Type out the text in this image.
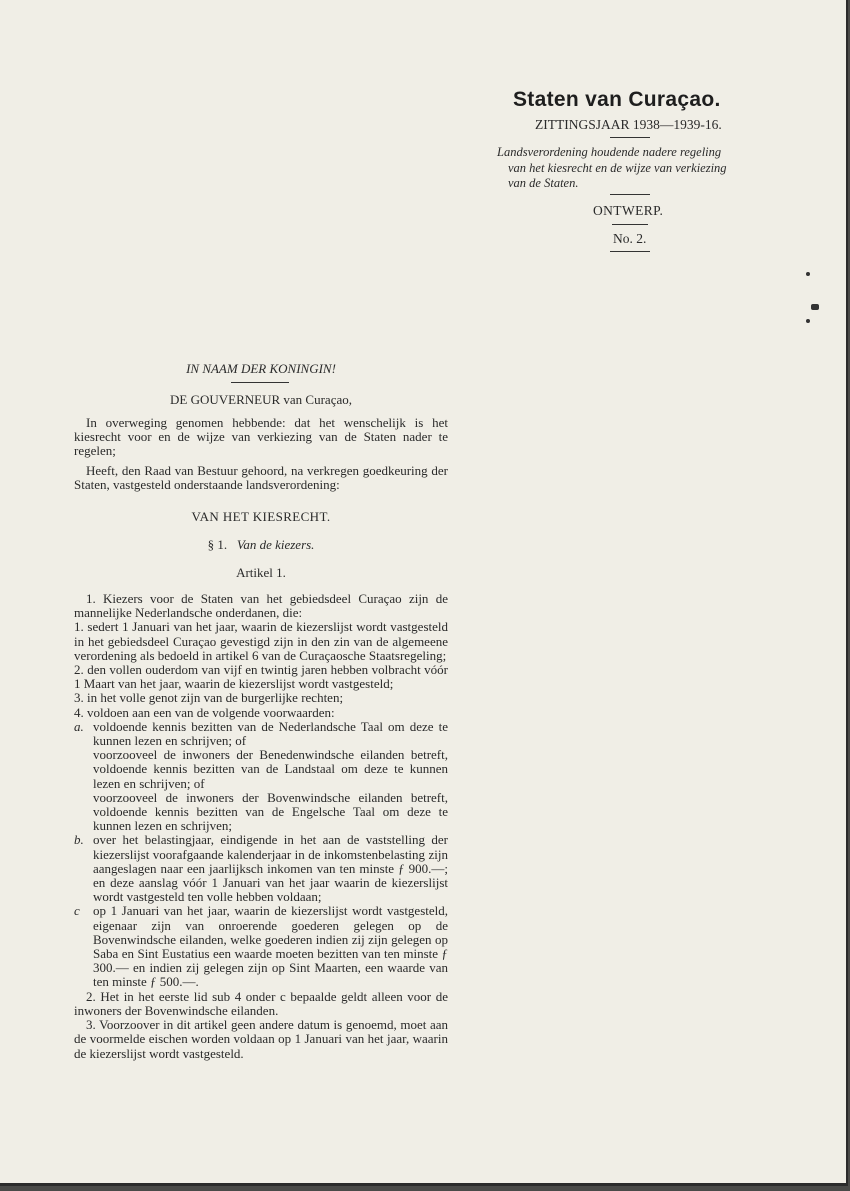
Staten van Curaçao.
ZITTINGSJAAR 1938—1939-16.
Landsverordening houdende nadere regeling
van het kiesrecht en de wijze van verkiezing
van de Staten.
ONTWERP.
No. 2.
IN NAAM DER KONINGIN!
DE GOUVERNEUR van Curaçao,
In overweging genomen hebbende: dat het wenschelijk is het kiesrecht voor en de wijze van verkiezing van de Staten nader te regelen;
Heeft, den Raad van Bestuur gehoord, na verkregen goedkeuring der Staten, vastgesteld onderstaande landsverordening:
VAN HET KIESRECHT.
§ 1. Van de kiezers.
Artikel 1.
1. Kiezers voor de Staten van het gebiedsdeel Curaçao zijn de mannelijke Nederlandsche onderdanen, die:
1. sedert 1 Januari van het jaar, waarin de kiezerslijst wordt vastgesteld in het gebiedsdeel Curaçao gevestigd zijn in den zin van de algemeene verordening als bedoeld in artikel 6 van de Curaçaosche Staatsregeling;
2. den vollen ouderdom van vijf en twintig jaren hebben volbracht vóór 1 Maart van het jaar, waarin de kiezerslijst wordt vastgesteld;
3. in het volle genot zijn van de burgerlijke rechten;
4. voldoen aan een van de volgende voorwaarden:
a. voldoende kennis bezitten van de Nederlandsche Taal om deze te kunnen lezen en schrijven; of
voorzooveel de inwoners der Benedenwindsche eilanden betreft, voldoende kennis bezitten van de Landstaal om deze te kunnen lezen en schrijven; of
voorzooveel de inwoners der Bovenwindsche eilanden betreft, voldoende kennis bezitten van de Engelsche Taal om deze te kunnen lezen en schrijven;
b. over het belastingjaar, eindigende in het aan de vaststelling der kiezerslijst voorafgaande kalenderjaar in de inkomstenbelasting zijn aangeslagen naar een jaarlijksch inkomen van ten minste ƒ 900.—; en deze aanslag vóór 1 Januari van het jaar waarin de kiezerslijst wordt vastgesteld ten volle hebben voldaan;
c op 1 Januari van het jaar, waarin de kiezerslijst wordt vastgesteld, eigenaar zijn van onroerende goederen gelegen op de Bovenwindsche eilanden, welke goederen indien zij zijn gelegen op Saba en Sint Eustatius een waarde moeten bezitten van ten minste ƒ 300.— en indien zij gelegen zijn op Sint Maarten, een waarde van ten minste ƒ 500.—.
2. Het in het eerste lid sub 4 onder c bepaalde geldt alleen voor de inwoners der Bovenwindsche eilanden.
3. Voorzoover in dit artikel geen andere datum is genoemd, moet aan de voormelde eischen worden voldaan op 1 Januari van het jaar, waarin de kiezerslijst wordt vastgesteld.
